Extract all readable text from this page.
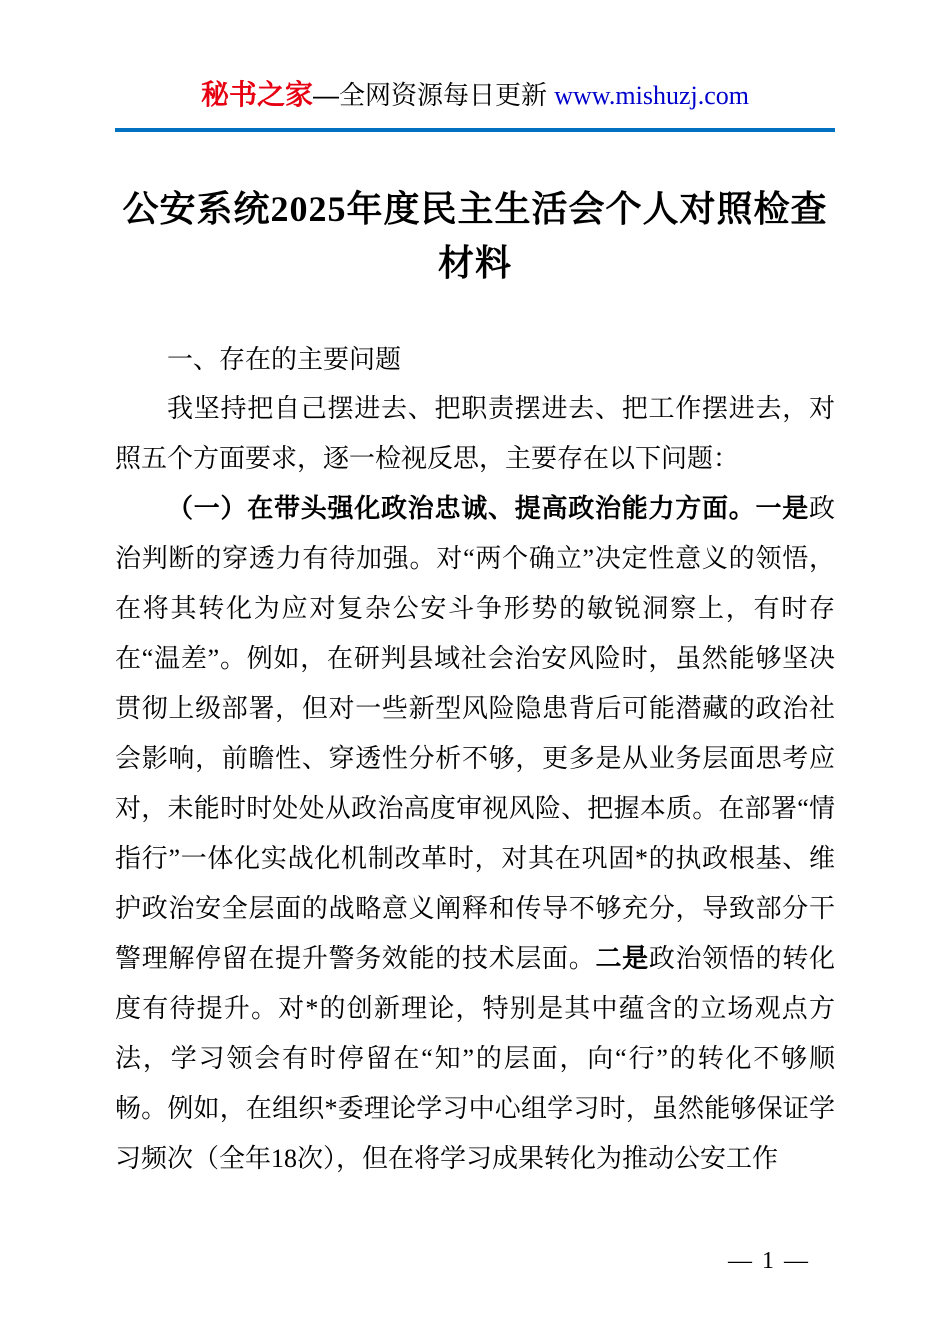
秘书之家—全网资源每日更新 www.mishuzj.com
公安系统2025年度民主生活会个人对照检查材料

一、存在的主要问题

我坚持把自己摆进去、把职责摆进去、把工作摆进去，对照五个方面要求，逐一检视反思，主要存在以下问题：

（一）在带头强化政治忠诚、提高政治能力方面。一是政治判断的穿透力有待加强。对“两个确立”决定性意义的领悟，在将其转化为应对复杂公安斗争形势的敏锐洞察上，有时存在“温差”。例如，在研判县域社会治安风险时，虽然能够坚决贯彻上级部署，但对一些新型风险隐患背后可能潜藏的政治社会影响，前瞻性、穿透性分析不够，更多是从业务层面思考应对，未能时时处处从政治高度审视风险、把握本质。在部署“情指行”一体化实战化机制改革时，对其在巩固*的执政根基、维护政治安全层面的战略意义阐释和传导不够充分，导致部分干警理解停留在提升警务效能的技术层面。二是政治领悟的转化度有待提升。对*的创新理论，特别是其中蕴含的立场观点方法，学习领会有时停留在“知”的层面，向“行”的转化不够顺畅。例如，在组织*委理论学习中心组学习时，虽然能够保证学习频次（全年18次），但在将学习成果转化为推动公安工作

— 1 —
